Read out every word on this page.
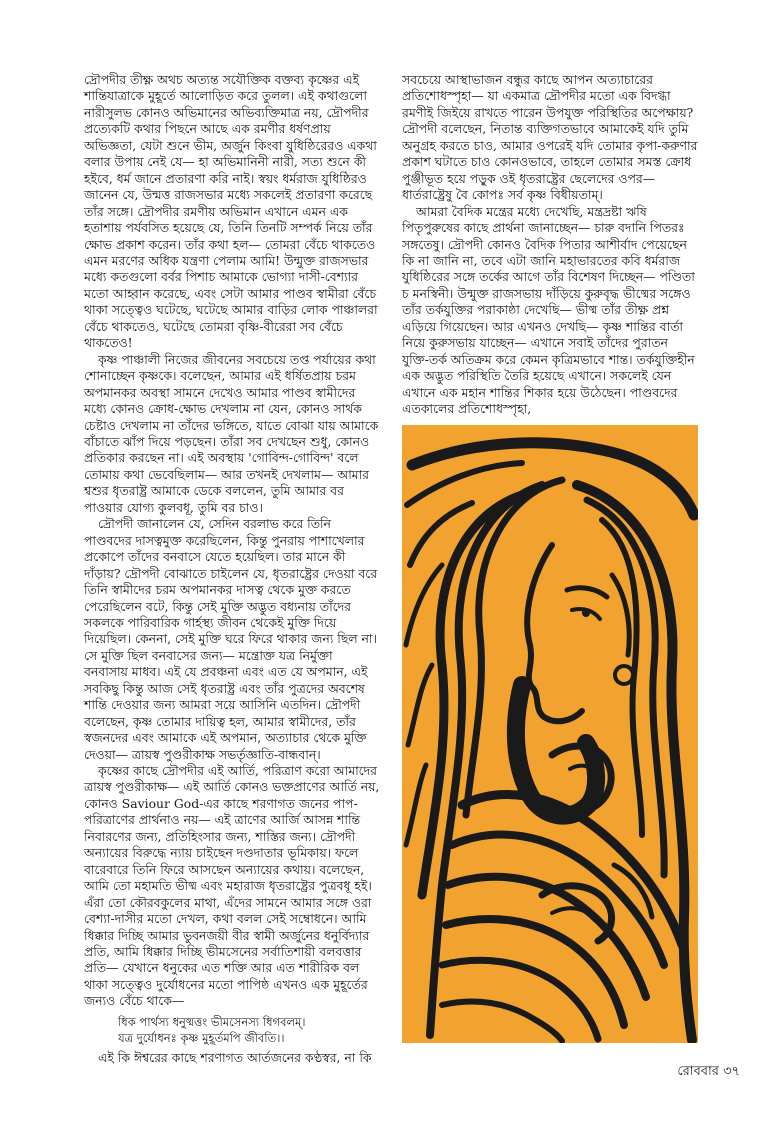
দ্রৌপদীর তীক্ষ্ণ অথচ অত্যন্ত সযৌক্তিক বক্তব্য কৃষ্ণের এই শান্তিযাত্রাকে মুহূর্তে আলোড়িত করে তুলল। এই কথাগুলো নারীসুলভ কোনও অভিমানের অভিব্যক্তিমাত্র নয়, দ্রৌপদীর প্রত্যেকটি কথার পিছনে আছে এক রমণীর ধর্ষণপ্রায় অভিজ্ঞতা, যেটা শুনে ভীম, অর্জুন কিংবা যুধিষ্ঠিরেরও একথা বলার উপায় নেই যে— হা অভিমানিনী নারী, সত্য শুনে কী হইবে, ধর্ম জানে প্রতারণা করি নাই। স্বয়ং ধর্মরাজ যুধিষ্ঠিরও জানেন যে, উন্মত্ত রাজসভার মধ্যে সকলেই প্রতারণা করেছে তাঁর সঙ্গে। দ্রৌপদীর রমণীয় অভিমান এখানে এমন এক হতাশায় পর্যবসিত হয়েছে যে, তিনি তিনটি সম্পর্ক নিয়ে তাঁর ক্ষোভ প্রকাশ করেন। তাঁর কথা হল— তোমরা বেঁচে থাকতেও এমন মরণের অধিক যন্ত্রণা পেলাম আমি! উন্মুক্ত রাজসভার মধ্যে কতগুলো বর্বর পিশাচ আমাকে ভোগ্যা দাসী-বেশ্যার মতো আহ্বান করেছে, এবং সেটা আমার পাণ্ডব স্বামীরা বেঁচে থাকা সত্ত্বেও ঘটেছে, ঘটেছে আমার বাড়ির লোক পাঞ্চালরা বেঁচে থাকতেও, ঘটেছে তোমরা বৃষ্ণি-বীরেরা সব বেঁচে থাকতেও!

কৃষ্ণ পাঞ্চালী নিজের জীবনের সবচেয়ে তপ্ত পর্যায়ের কথা শোনাচ্ছেন কৃষ্ণকে। বলেছেন, আমার এই ধর্ষিতপ্রায় চরম অপমানকর অবস্থা সামনে দেখেও আমার পাণ্ডব স্বামীদের মধ্যে কোনও ক্রোধ-ক্ষোভ দেখলাম না যেন, কোনও সার্থক চেষ্টাও দেখলাম না তাঁদের ভঙ্গিতে, যাতে বোঝা যায় আমাকে বাঁচাতে ঝাঁপ দিয়ে পড়ছেন। তাঁরা সব দেখছেন শুধু, কোনও প্রতিকার করছেন না। এই অবস্থায় 'গোবিন্দ-গোবিন্দ' বলে তোমায় কথা ভেবেছিলাম— আর তখনই দেখলাম— আমার শ্বশুর ধৃতরাষ্ট্র আমাকে ডেকে বললেন, তুমি আমার বর পাওয়ার যোগ্য কুলবধূ, তুমি বর চাও।

দ্রৌপদী জানালেন যে, সেদিন বরলাভ করে তিনি পাণ্ডবদের দাসত্বমুক্ত করেছিলেন, কিন্তু পুনরায় পাশাখেলার প্রকোপে তাঁদের বনবাসে যেতে হয়েছিল। তার মানে কী দাঁড়ায়? দ্রৌপদী বোঝাতে চাইলেন যে, ধৃতরাষ্ট্রের দেওয়া বরে তিনি স্বামীদের চরম অপমানকর দাসত্ব থেকে মুক্ত করতে পেরেছিলেন বটে, কিন্তু সেই মুক্তি অদ্ভুত বধ্যনায় তাঁদের সকলকে পারিবারিক গার্হস্থ্য জীবন থেকেই মুক্তি দিয়ে দিয়েছিল। কেননা, সেই মুক্তি ঘরে ফিরে থাকার জন্য ছিল না। সে মুক্তি ছিল বনবাসের জন্য— মন্ত্রোক্ত যত্র নির্মুক্তা বনবাসায় মাধব। এই যে প্রবঞ্চনা এবং এত যে অপমান, এই সবকিছু কিন্তু আজ সেই ধৃতরাষ্ট্র এবং তাঁর পুত্রদের অবশেষ শান্তি দেওয়ার জন্য আমরা সয়ে আসিনি এতদিন। দ্রৌপদী বলেছেন, কৃষ্ণ তোমার দায়িত্ব হল, আমার স্বামীদের, তাঁর স্বজনদের এবং আমাকে এই অপমান, অত্যাচার থেকে মুক্তি দেওয়া— ত্রায়স্ব পুণ্ডরীকাক্ষ সভর্তৃজ্ঞাতি-বান্ধবান্।

কৃষ্ণের কাছে দ্রৌপদীর এই আর্তি, পরিত্রাণ করো আমাদের ত্রায়স্ব পুণ্ডরীকাক্ষ— এই আর্তি কোনও ভক্তপ্রাণের আর্তি নয়, কোনও Saviour God-এর কাছে শরণাগত জনের পাপ-পরিত্রাণের প্রার্থনাও নয়— এই ত্রাণের আর্জি আসন্ন শান্তি নিবারণের জন্য, প্রতিহিংসার জন্য, শাস্তির জন্য। দ্রৌপদী অন্যায়ের বিরুদ্ধে ন্যায় চাইছেন দণ্ডদাতার ভূমিকায়। ফলে বারেবারে তিনি ফিরে আসছেন অন্যায়ের কথায়। বলেছেন, আমি তো মহামতি ভীষ্ম এবং মহারাজ ধৃতরাষ্ট্রের পুত্রবধূ হই। এঁরা তো কৌরবকুলের মাথা, এঁদের সামনে আমার সঙ্গে ওরা বেশ্যা-দাসীর মতো দেখল, কথা বলল সেই সম্বোধনে। আমি ধিক্কার দিচ্ছি আমার ভুবনজয়ী বীর স্বামী অর্জুনের ধনুর্বিদ্যার প্রতি, আমি ধিক্কার দিচ্ছি ভীমসেনের সর্বাতিশায়ী বলবত্তার প্রতি— যেখানে ধনুকের এত শক্তি আর এত শারীরিক বল থাকা সত্ত্বেও দুর্যোধনের মতো পাপিষ্ঠ এখনও এক মুহূর্তের জন্যও বেঁচে থাকে—

ধিক পার্থস্য ধনুষ্মত্তং ভীমসেনস্য ধিগবলম্।
যত্র দুর্যোধনঃ কৃষ্ণ মুহূর্তমপি জীবতি।।

এই কি ঈশ্বরের কাছে শরণাগত আর্তজনের কণ্ঠস্বর, না কি

সবচেয়ে আস্থাভাজন বন্ধুর কাছে আপন অত্যাচারের প্রতিশোধস্পৃহা— যা একমাত্র দ্রৌপদীর মতো এক বিদগ্ধা রমণীই জিইয়ে রাখতে পারেন উপযুক্ত পরিস্থিতির অপেক্ষায়? দ্রৌপদী বলেছেন, নিতান্ত ব্যক্তিগতভাবে আমাকেই যদি তুমি অনুগ্রহ করতে চাও, আমার ওপরেই যদি তোমার কৃপা-করুণার প্রকাশ ঘটাতে চাও কোনওভাবে, তাহলে তোমার সমস্ত ক্রোধ পুঞ্জীভূত হয়ে পড়ুক ওই ধৃতরাষ্ট্রের ছেলেদের ওপর— ধার্তরাষ্ট্রেষু বৈ কোপঃ সর্ব কৃষ্ণ বিধীয়তাম্।

আমরা বৈদিক মন্ত্রের মধ্যে দেখেছি, মন্ত্রদ্রষ্টা ঋষি পিতৃপুরুষের কাছে প্রার্থনা জানাচ্ছেন— চারু বদানি পিতরঃ সঙ্গতেষু। দ্রৌপদী কোনও বৈদিক পিতার আশীর্বাদ পেয়েছেন কি না জানি না, তবে এটা জানি মহাভারতের কবি ধর্মরাজ যুধিষ্ঠিরের সঙ্গে তর্কের আগে তাঁর বিশেষণ দিচ্ছেন— পণ্ডিতা চ মনস্বিনী। উন্মুক্ত রাজসভায় দাঁড়িয়ে কুরুবৃদ্ধ ভীষ্মের সঙ্গেও তাঁর তর্কযুক্তির পরাকাষ্ঠা দেখেছি— ভীষ্ম তাঁর তীক্ষ্ণ প্রশ্ন এড়িয়ে গিয়েছেন। আর এখনও দেখছি— কৃষ্ণ শান্তির বার্তা নিয়ে কুরুসভায় যাচ্ছেন— এখানে সবাই তাঁদের পুরাতন যুক্তি-তর্ক অতিক্রম করে কেমন কৃত্রিমভাবে শান্ত। তর্কযুক্তিহীন এক অদ্ভুত পরিস্থিতি তৈরি হয়েছে এখানে। সকলেই যেন এখানে এক মহান শান্তির শিকার হয়ে উঠেছেন। পাণ্ডবদের এতকালের প্রতিশোধস্পৃহা,

রোববার ৩৭
